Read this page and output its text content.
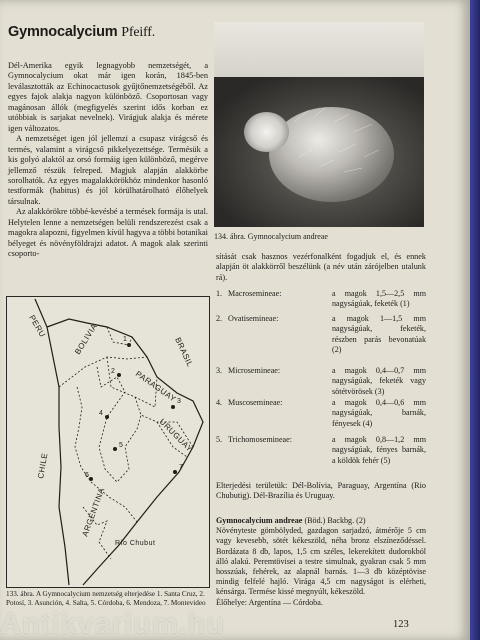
Gymnocalycium Pfeiff.

Dél-Amerika egyik legnagyobb nemzetségét, a Gymnocalycium okat már igen korán, 1845-ben leválasztották az Echinocactusok gyűjtőnemzetségéből. Az egyes fajok alakja nagyon különböző. Csoportosan vagy magánosan állók (megfigyelés szerint idős korban ez utóbbiak is sarjakat nevelnek). Virágjuk alakja és mérete igen változatos.

A nemzetséget igen jól jellemzi a csupasz virágcső és termés, valamint a virágcső pikkelyezettsége. Termésük a kis golyó alaktól az orsó formáig igen különböző, megérve jellemző részük felreped. Magjuk alapján alakkörbe sorolhatók. Az egyes magalakkörökhöz mindenkor hasonló testformák (habitus) és jól körülhatárolható élőhelyek társulnak.

Az alakkörökre többé-kevésbé a termések formája is utal. Helytelen lenne a nemzetségen belüli rendszerezést csak a magokra alapozni, figyelmen kívül hagyva a többi botanikai bélyeget és növényföldrajzi adatot. A magok alak szerinti csoporto-

134. ábra. Gymnocalycium andreae
sítását csak hasznos vezérfonalként fogadjuk el, és ennek alapján öt alakkörről beszélünk (a név után zárójelben utalunk rá).
1. Macrosemineae:	a magok 1,5—2,5 mm nagyságúak, feketék (1)
2. Ovatisemineae:	a magok 1—1,5 mm nagyságúak, feketék, részben parás bevonatúak (2)
3. Microsemineae:	a magok 0,4—0,7 mm nagyságúak, feketék vagy sötétvörösek (3)
4. Muscosemineae:	a magok 0,4—0,6 mm nagyságúak, barnák, fényesek (4)
5. Trichomosemineae:	a magok 0,8—1,2 mm nagyságúak, fényes barnák, a köldök fehér (5)
Elterjedési területük: Dél-Bolívia, Paraguay, Argentína (Rio Chubutig). Dél-Brazília és Uruguay.

Gymnocalycium andreae (Böd.) Backbg. (2)

Növényteste gömbölyded, gazdagon sarjadzó, átmérője 5 cm vagy kevesebb, sötét kékeszöld, néha bronz elszíneződéssel. Bordázata 8 db, lapos, 1,5 cm széles, lekerekített dudorokból álló alakú. Peremtövisei a testre simulnak, gyakran csak 5 mm hosszúak, fehérek, az alapnál barnás. 1—3 db középtövise mindig felfelé hajló. Virága 4,5 cm nagyságot is elérheti, kénsárga. Termése kissé megnyúlt, kékeszöld.

Élőhelye: Argentína — Córdoba.

PERU	BOLIVIA	BRASIL
PARAGUAY
URUGUAY
CHILE
ARGENTINA
Río Chubut
1
2
3
4
5
6
7
133. ábra. A Gymnocalycium nemzetség elterjedése 1. Santa Cruz, 2. Potosí, 3. Asunción, 4. Salta, 5. Córdoba, 6. Mendoza, 7. Montevideo
123
Antikvarium.hu
